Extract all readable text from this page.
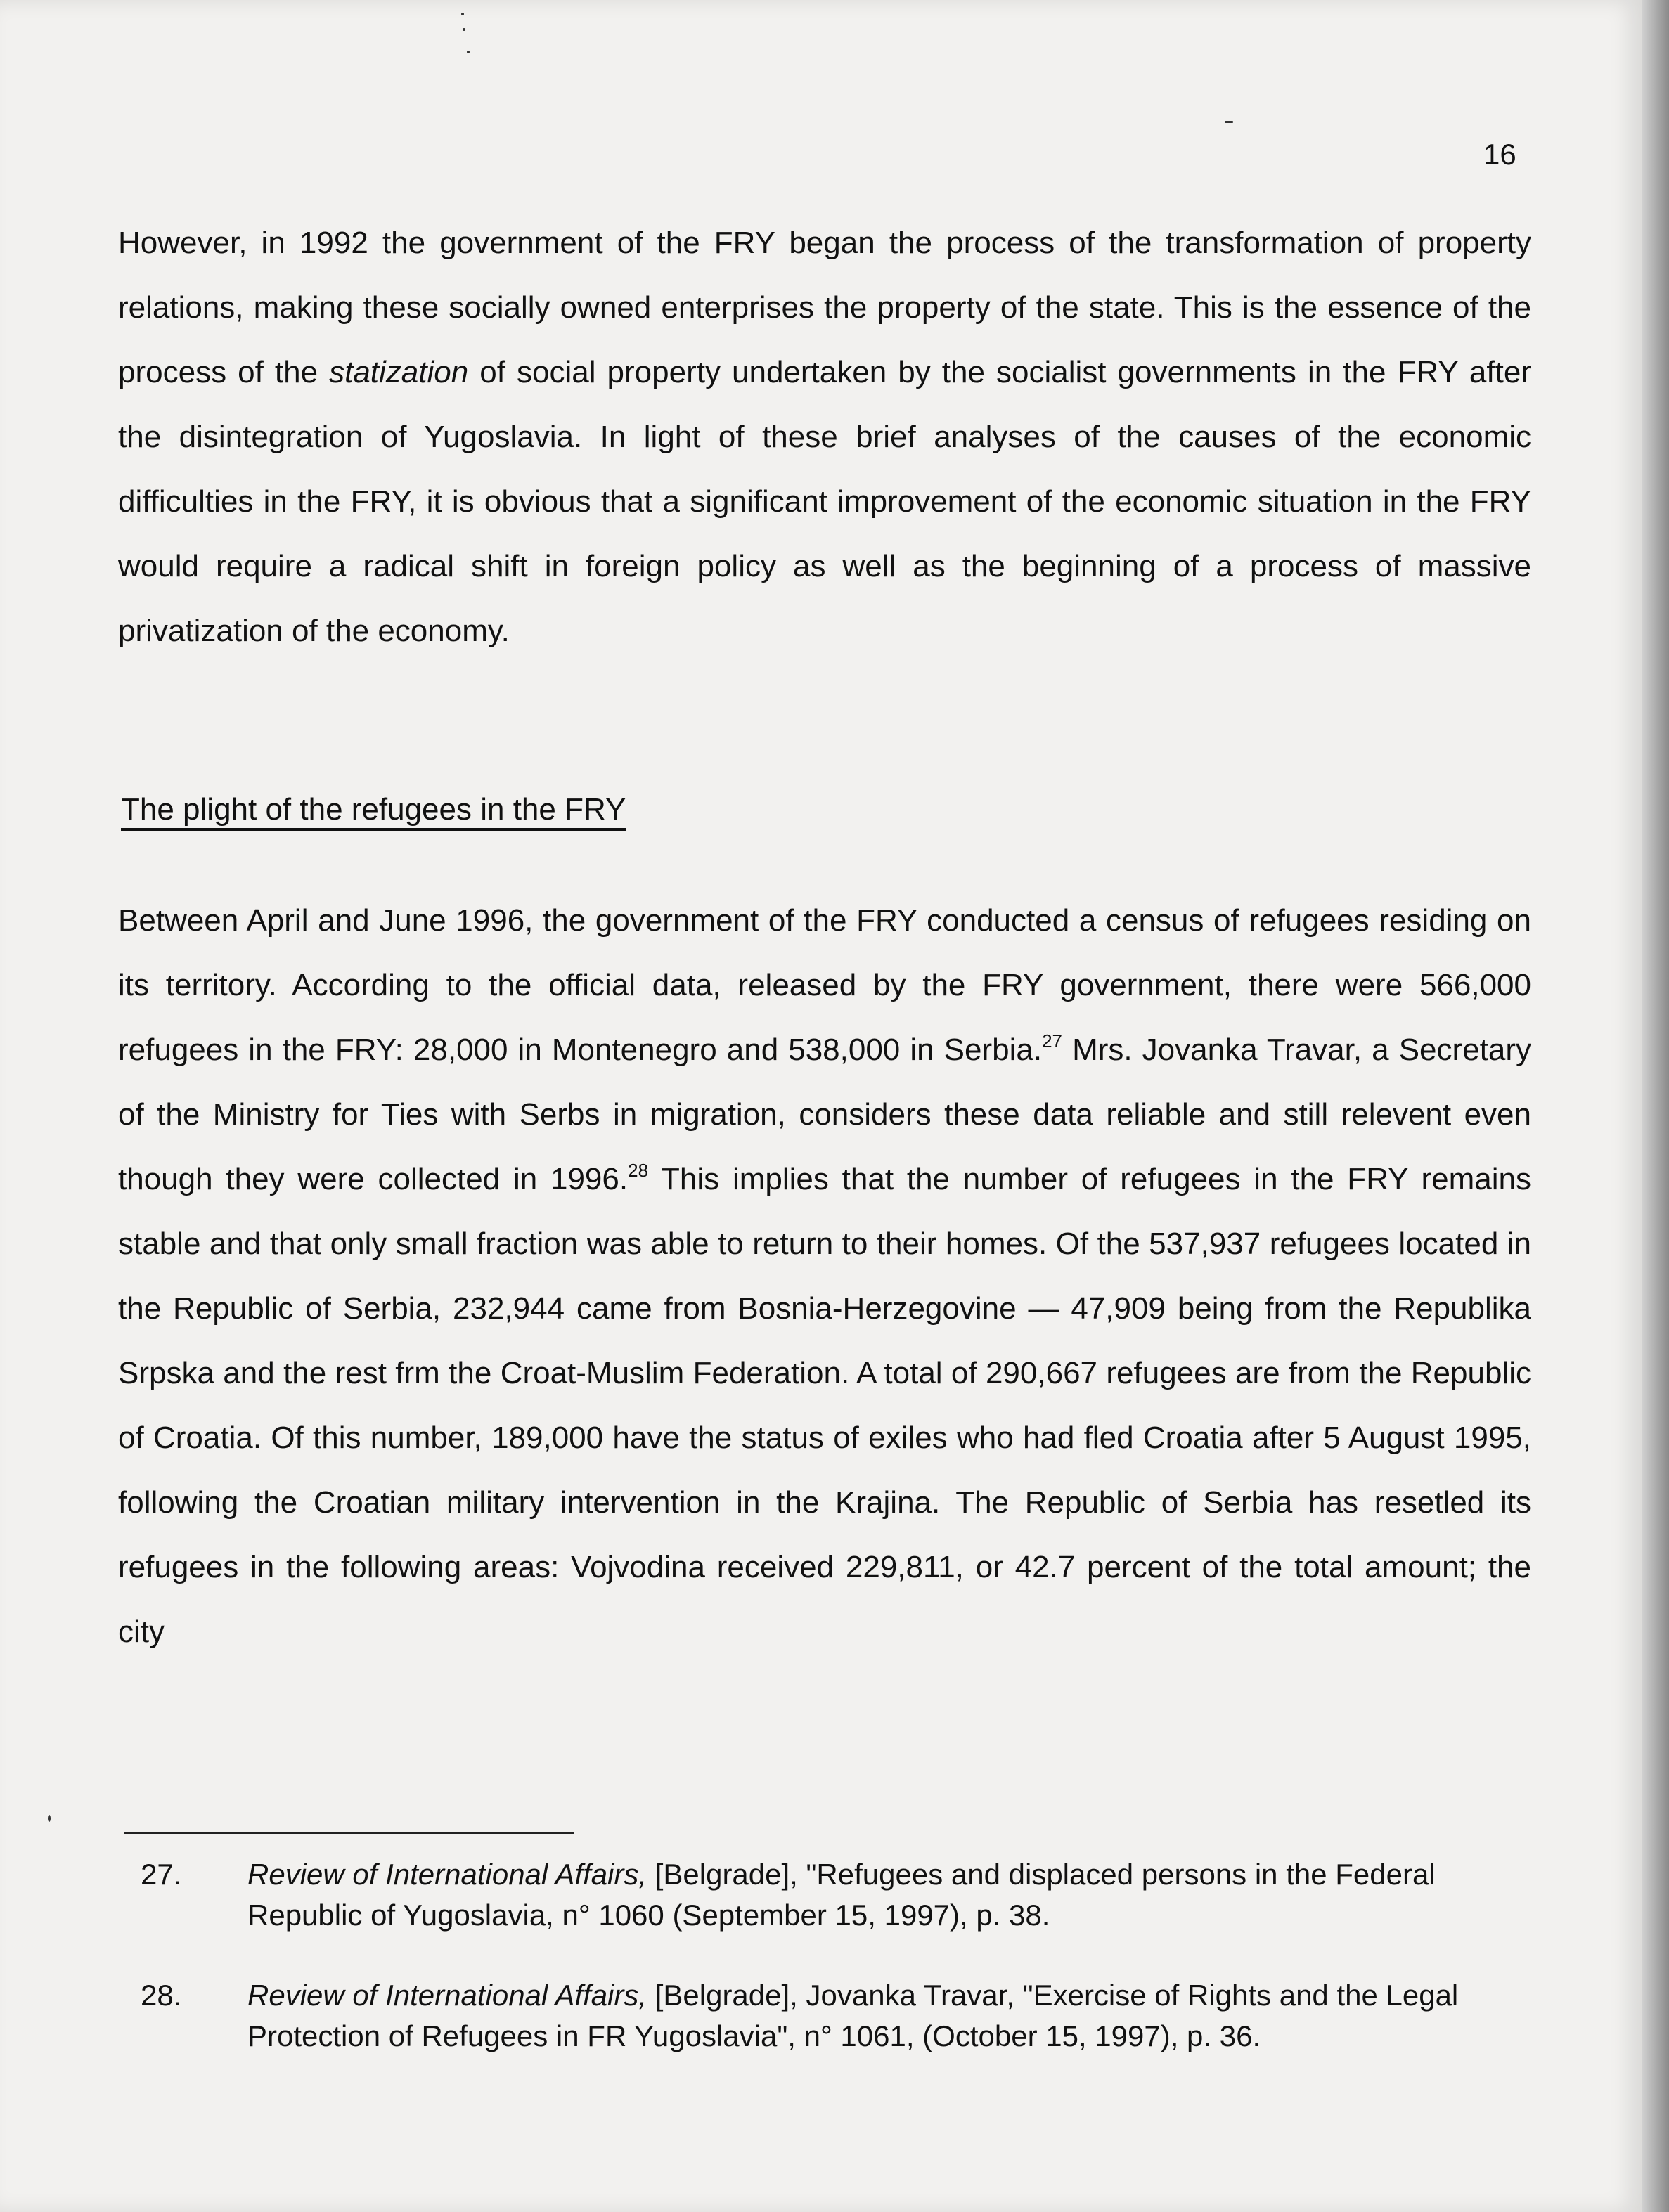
16

However, in 1992 the government of the FRY began the process of the transformation of property relations, making these socially owned enterprises the property of the state. This is the essence of the process of the statization of social property undertaken by the socialist governments in the FRY after the disintegration of Yugoslavia. In light of these brief analyses of the causes of the economic difficulties in the FRY, it is obvious that a significant improvement of the economic situation in the FRY would require a radical shift in foreign policy as well as the beginning of a process of massive privatization of the economy.

The plight of the refugees in the FRY

Between April and June 1996, the government of the FRY conducted a census of refugees residing on its territory. According to the official data, released by the FRY government, there were 566,000 refugees in the FRY: 28,000 in Montenegro and 538,000 in Serbia.$^{27}$ Mrs. Jovanka Travar, a Secretary of the Ministry for Ties with Serbs in migration, considers these data reliable and still relevent even though they were collected in 1996.28 This implies that the number of refugees in the FRY remains stable and that only small fraction was able to return to their homes. Of the 537,937 refugees located in the Republic of Serbia, 232,944 came from Bosnia-Herzegovine — 47,909 being from the Republika Srpska and the rest frm the Croat-Muslim Federation. A total of 290,667 refugees are from the Republic of Croatia. Of this number, 189,000 have the status of exiles who had fled Croatia after 5 August 1995, following the Croatian military intervention in the Krajina. The Republic of Serbia has resetled its refugees in the following areas: Vojvodina received 229,811, or 42.7 percent of the total amount; the city

27. Review of International Affairs, [Belgrade], "Refugees and displaced persons in the Federal Republic of Yugoslavia, n° 1060 (September 15, 1997), p. 38.
28. Review of International Affairs, [Belgrade], Jovanka Travar, "Exercise of Rights and the Legal Protection of Refugees in FR Yugoslavia", n° 1061, (October 15, 1997), p. 36.
